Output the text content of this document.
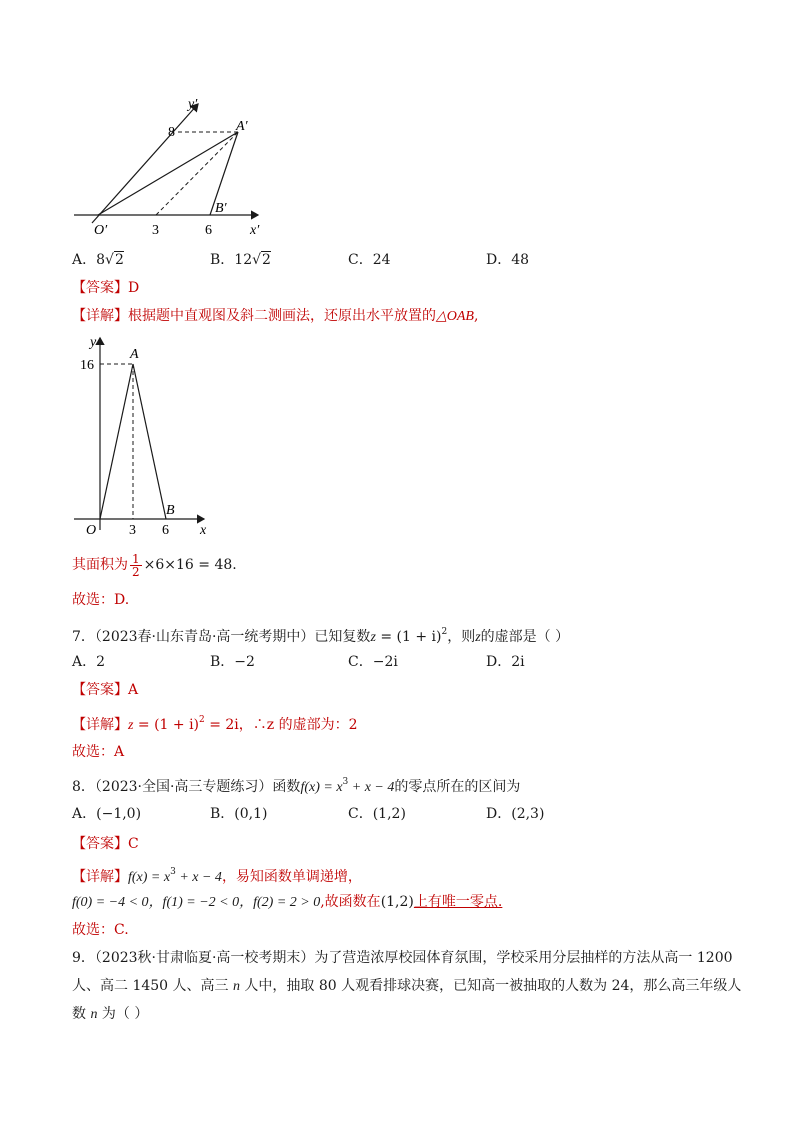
y′
A′
8
B′
O′	3	6	x′
A．8√2	B．12√2	C．24	D．48
【答案】D
【详解】根据题中直观图及斜二测画法，还原出水平放置的△OAB,
y
A
16
B
O 3 6 x
其面积为 $\frac{1}{2} \times 6\times 16 = 48$.
故选：D.
7．（2023春·山东青岛·高一统考期中）已知复数$z = (1 + i)^2$，则z的虚部是（ ）
A．2	B．−2	C．−2i	D．2i
【答案】A
【详解】$z = (1 + i)^2 = 2i$，∴z 的虚部为：2
故选：A
8．（2023·全国·高三专题练习）函数$f(x) = x^3 + x - 4$的零点所在的区间为
A．(−1,0)	B．(0,1)	C．(1,2)	D．(2,3)
【答案】C
【详解】$f(x) = x^3 + x - 4$，易知函数单调递增，
f(0) = −4 < 0，f(1) = −2 < 0，f(2) = 2 > 0,故函数在(1,2)上有唯一零点.
故选：C.
9．（2023秋·甘肃临夏·高一校考期末）为了营造浓厚校园体育氛围，学校采用分层抽样的方法从高一 1200
人、高二 1450 人、高三 n 人中，抽取 80 人观看排球决赛，已知高一被抽取的人数为 24，那么高三年级人
数 n 为（ ）
